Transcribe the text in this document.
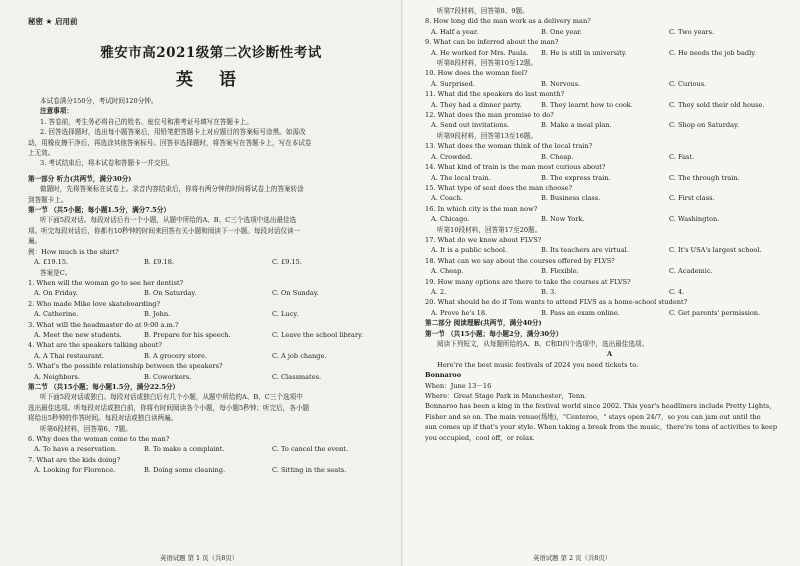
秘密 ★ 启用前
雅安市高2021级第二次诊断性考试
英 语

本试卷满分150分，考试时间120分钟。

注意事项：

1. 答卷前，考生务必将自己的姓名、座位号和准考证号填写在答题卡上。

2. 回答选择题时，选出每小题答案后，用铅笔把答题卡上对应题目的答案标号涂黑。如需改

动，用橡皮擦干净后，再选涂其他答案标号。回答非选择题时，将答案写在答题卡上，写在本试卷

上无效。

3. 考试结束后，将本试卷和答题卡一并交回。

第一部分 听力(共两节，满分30分)

做题时，先将答案标在试卷上。录音内容结束后，你将有两分钟的时间将试卷上的答案转涂

到答题卡上。

第一节 （共5小题；每小题1.5分，满分7.5分）

听下面5段对话。每段对话后有一个小题，从题中所给的A、B、C三个选项中选出最佳选

项。听完每段对话后，你都有10秒钟的时间来回答有关小题和阅读下一小题。每段对话仅读一

遍。

例：How much is the shirt?

A. £19.15.	B. £9.18.	C. £9.15.

答案是C。

1. When will the woman go to see her dentist?

A. On Friday.	B. On Saturday.	C. On Sunday.

2. Who made Mike love skateboarding?

A. Catherine.	B. John.	C. Lucy.

3. What will the headmaster do at 9:00 a.m.?

A. Meet the new students.	B. Prepare for his speech.	C. Leave the school library.

4. What are the speakers talking about?

A. A Thai restaurant.	B. A grocery store.	C. A job change.

5. What's the possible relationship between the speakers?

A. Neighbors.	B. Coworkers.	C. Classmates.

第二节 （共15小题；每小题1.5分，满分22.5分）

听下面5段对话或独白。每段对话或独白后有几个小题，从题中所给的A、B、C三个选项中

选出最佳选项。听每段对话或独白前，你将有时间阅读各个小题，每小题5秒钟；听完后，各小题

将给出5秒钟的作答时间。每段对话或独白读两遍。

听第6段材料，回答第6、7题。

6. Why does the woman come to the man?

A. To have a reservation.	B. To make a complaint.	C. To cancel the event.

7. What are the kids doing?

A. Looking for Florence.	B. Doing some cleaning.	C. Sitting in the seats.
英语试题 第 1 页（共8页）

听第7段材料，回答第8、9题。

8. How long did the man work as a delivery man?

A. Half a year.	B. One year.	C. Two years.

9. What can be inferred about the man?

A. He worked for Mrs. Paula.	B. He is still in university.	C. He needs the job badly.

听第8段材料，回答第10至12题。

10. How does the woman feel?

A. Surprised.	B. Nervous.	C. Curious.

11. What did the speakers do last month?

A. They had a dinner party.	B. They learnt how to cook.	C. They sold their old house.

12. What does the man promise to do?

A. Send out invitations.	B. Make a meal plan.	C. Shop on Saturday.

听第9段材料，回答第13至16题。

13. What does the woman think of the local train?

A. Crowded.	B. Cheap.	C. Fast.

14. What kind of train is the man most curious about?

A. The local train.	B. The express train.	C. The through train.

15. What type of seat does the man choose?

A. Coach.	B. Business class.	C. First class.

16. In which city is the man now?

A. Chicago.	B. New York.	C. Washington.

听第10段材料，回答第17至20题。

17. What do we know about FLVS?

A. It is a public school.	B. Its teachers are virtual.	C. It's USA's largest school.

18. What can we say about the courses offered by FLVS?

A. Cheap.	B. Flexible.	C. Academic.

19. How many options are there to take the courses at FLVS?

A. 2.	B. 3.	C. 4.

20. What should he do if Tom wants to attend FLVS as a home-school student?

A. Prove he's 18.	B. Pass an exam online.	C. Get parents' permission.

第二部分 阅读理解(共两节，满分40分)

第一节 （共15小题；每小题2分，满分30分）

阅读下列短文，从每题所给的A、B、C和D四个选项中，选出最佳选项。

A

Here're the best music festivals of 2024 you need tickets to.

Bonnaroo

When：June 13－16

Where：Great Stage Park in Manchester，Tenn.

Bonnaroo has been a king in the festival world since 2002. This year's headliners include Pretty Lights，

Fisher and so on. The main venue(场地)，"Centeroo，" stays open 24/7，so you can jam out until the

sun comes up if that's your style. When taking a break from the music，there're tons of activities to keep

you occupied，cool off，or relax.

英语试题 第 2 页（共8页）
